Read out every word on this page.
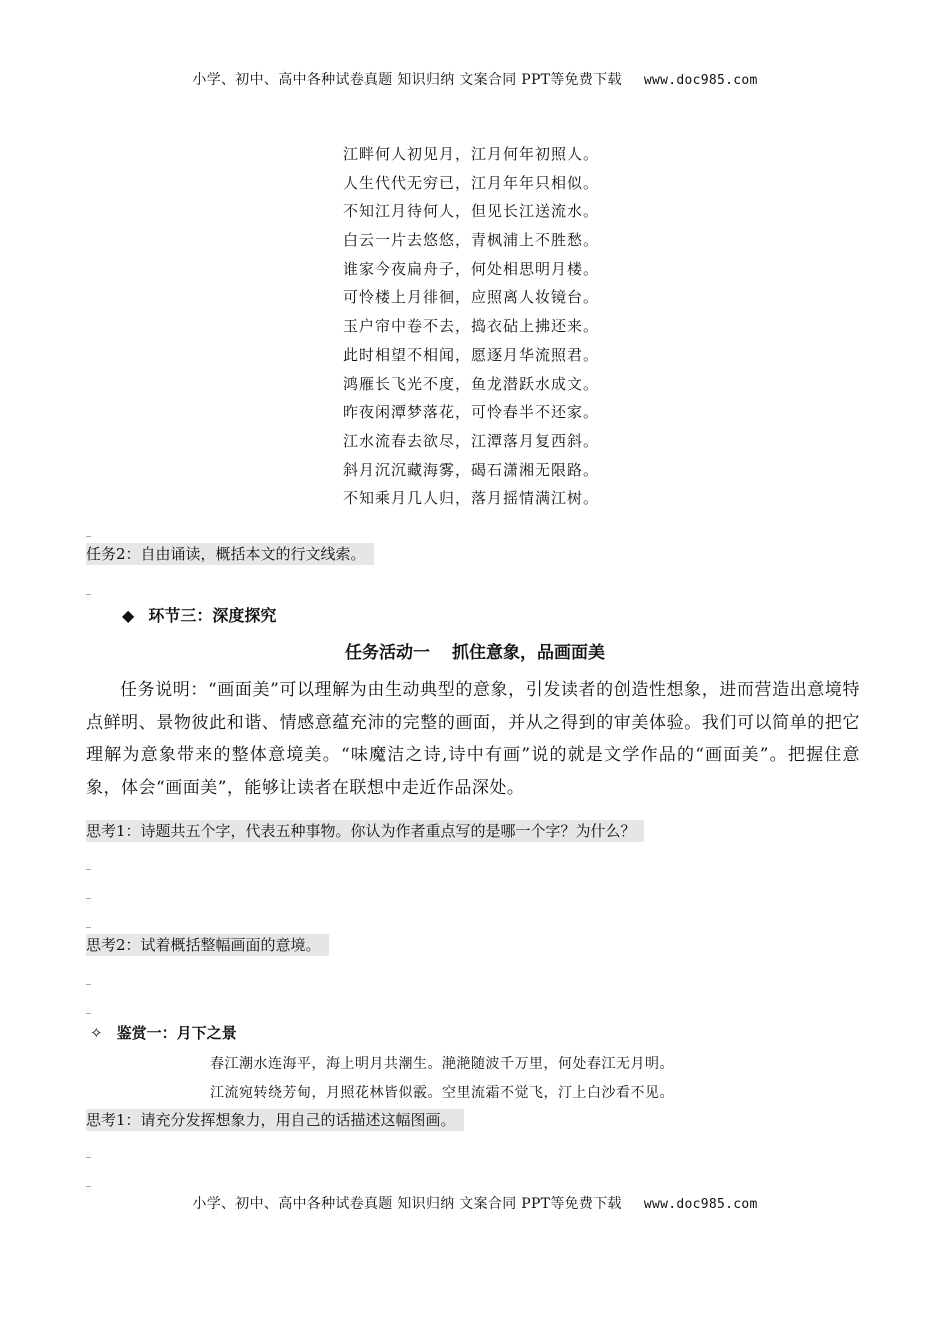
小学、初中、高中各种试卷真题 知识归纳 文案合同 PPT等免费下载 www.doc985.com
江畔何人初见月，江月何年初照人。
人生代代无穷已，江月年年只相似。
不知江月待何人，但见长江送流水。
白云一片去悠悠，青枫浦上不胜愁。
谁家今夜扁舟子，何处相思明月楼。
可怜楼上月徘徊，应照离人妆镜台。
玉户帘中卷不去，捣衣砧上拂还来。
此时相望不相闻，愿逐月华流照君。
鸿雁长飞光不度，鱼龙潜跃水成文。
昨夜闲潭梦落花，可怜春半不还家。
江水流春去欲尽，江潭落月复西斜。
斜月沉沉藏海雾，碣石潇湘无限路。
不知乘月几人归，落月摇情满江树。
_
任务2：自由诵读，概括本文的行文线索。
_
◆ 环节三：深度探究
任务活动一 抓住意象，品画面美
任务说明：“画面美”可以理解为由生动典型的意象，引发读者的创造性想象，进而营造出意境特点鲜明、景物彼此和谐、情感意蕴充沛的完整的画面，并从之得到的审美体验。我们可以简单的把它理解为意象带来的整体意境美。“味魔洁之诗,诗中有画”说的就是文学作品的“画面美”。把握住意象，体会“画面美”，能够让读者在联想中走近作品深处。
思考1：诗题共五个字，代表五种事物。你认为作者重点写的是哪一个字？为什么？
_
_
_
思考2：试着概括整幅画面的意境。
_
_
✧ 鉴赏一：月下之景
春江潮水连海平，海上明月共潮生。滟滟随波千万里，何处春江无月明。
江流宛转绕芳甸，月照花林皆似霰。空里流霜不觉飞，汀上白沙看不见。
思考1：请充分发挥想象力，用自己的话描述这幅图画。
_
_
小学、初中、高中各种试卷真题 知识归纳 文案合同 PPT等免费下载 www.doc985.com
